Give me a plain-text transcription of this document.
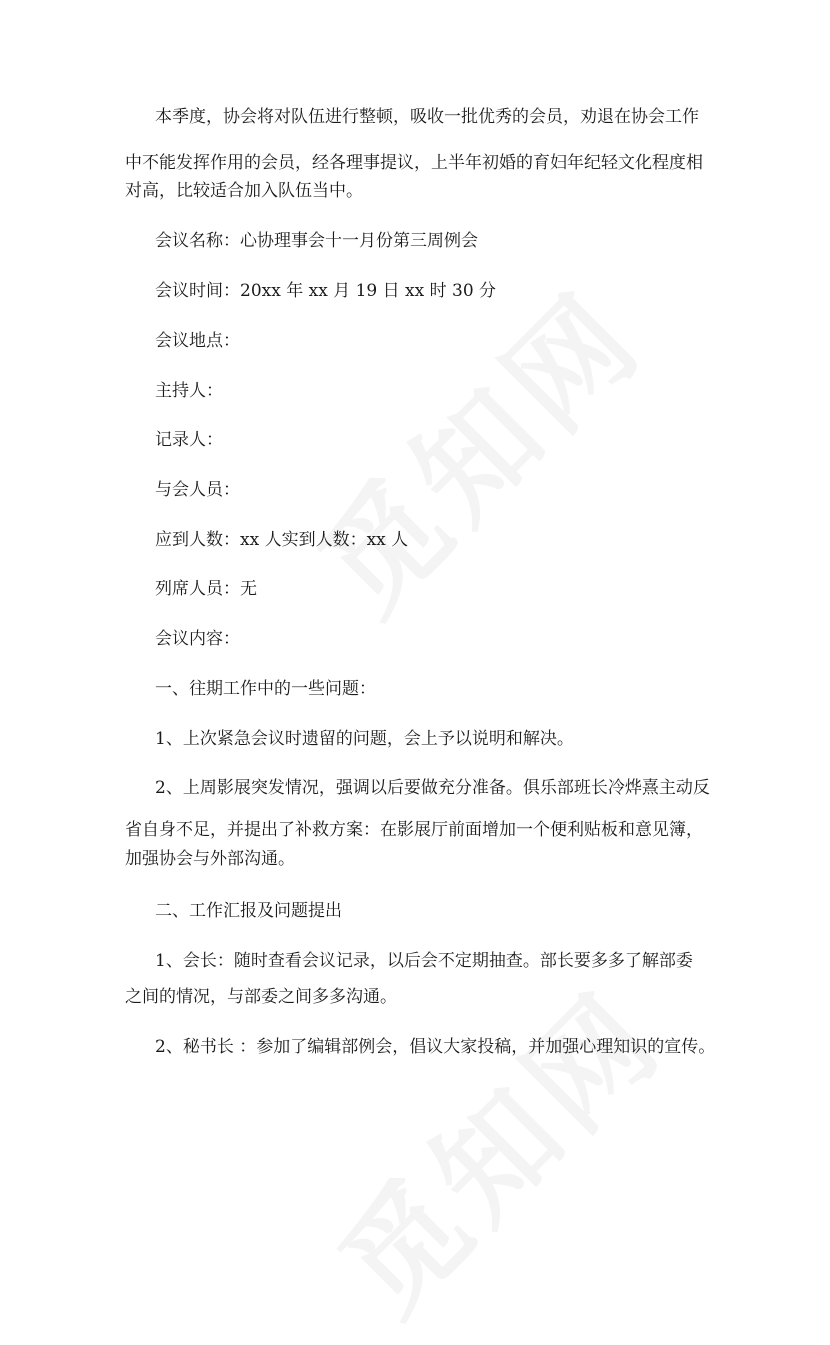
本季度，协会将对队伍进行整顿，吸收一批优秀的会员，劝退在协会工作
中不能发挥作用的会员，经各理事提议，上半年初婚的育妇年纪轻文化程度相
对高，比较适合加入队伍当中。
会议名称：心协理事会十一月份第三周例会
会议时间：20xx 年 xx 月 19 日 xx 时 30 分
会议地点：
主持人：
记录人：
与会人员：
应到人数：xx 人实到人数：xx 人
列席人员：无
会议内容：
一、往期工作中的一些问题：
1、上次紧急会议时遗留的问题，会上予以说明和解决。
2、上周影展突发情况，强调以后要做充分准备。俱乐部班长冷烨熹主动反
省自身不足，并提出了补救方案：在影展厅前面增加一个便利贴板和意见簿，
加强协会与外部沟通。
二、工作汇报及问题提出
1、会长：随时查看会议记录，以后会不定期抽查。部长要多多了解部委
之间的情况，与部委之间多多沟通。
2、秘书长 ：参加了编辑部例会，倡议大家投稿，并加强心理知识的宣传。
